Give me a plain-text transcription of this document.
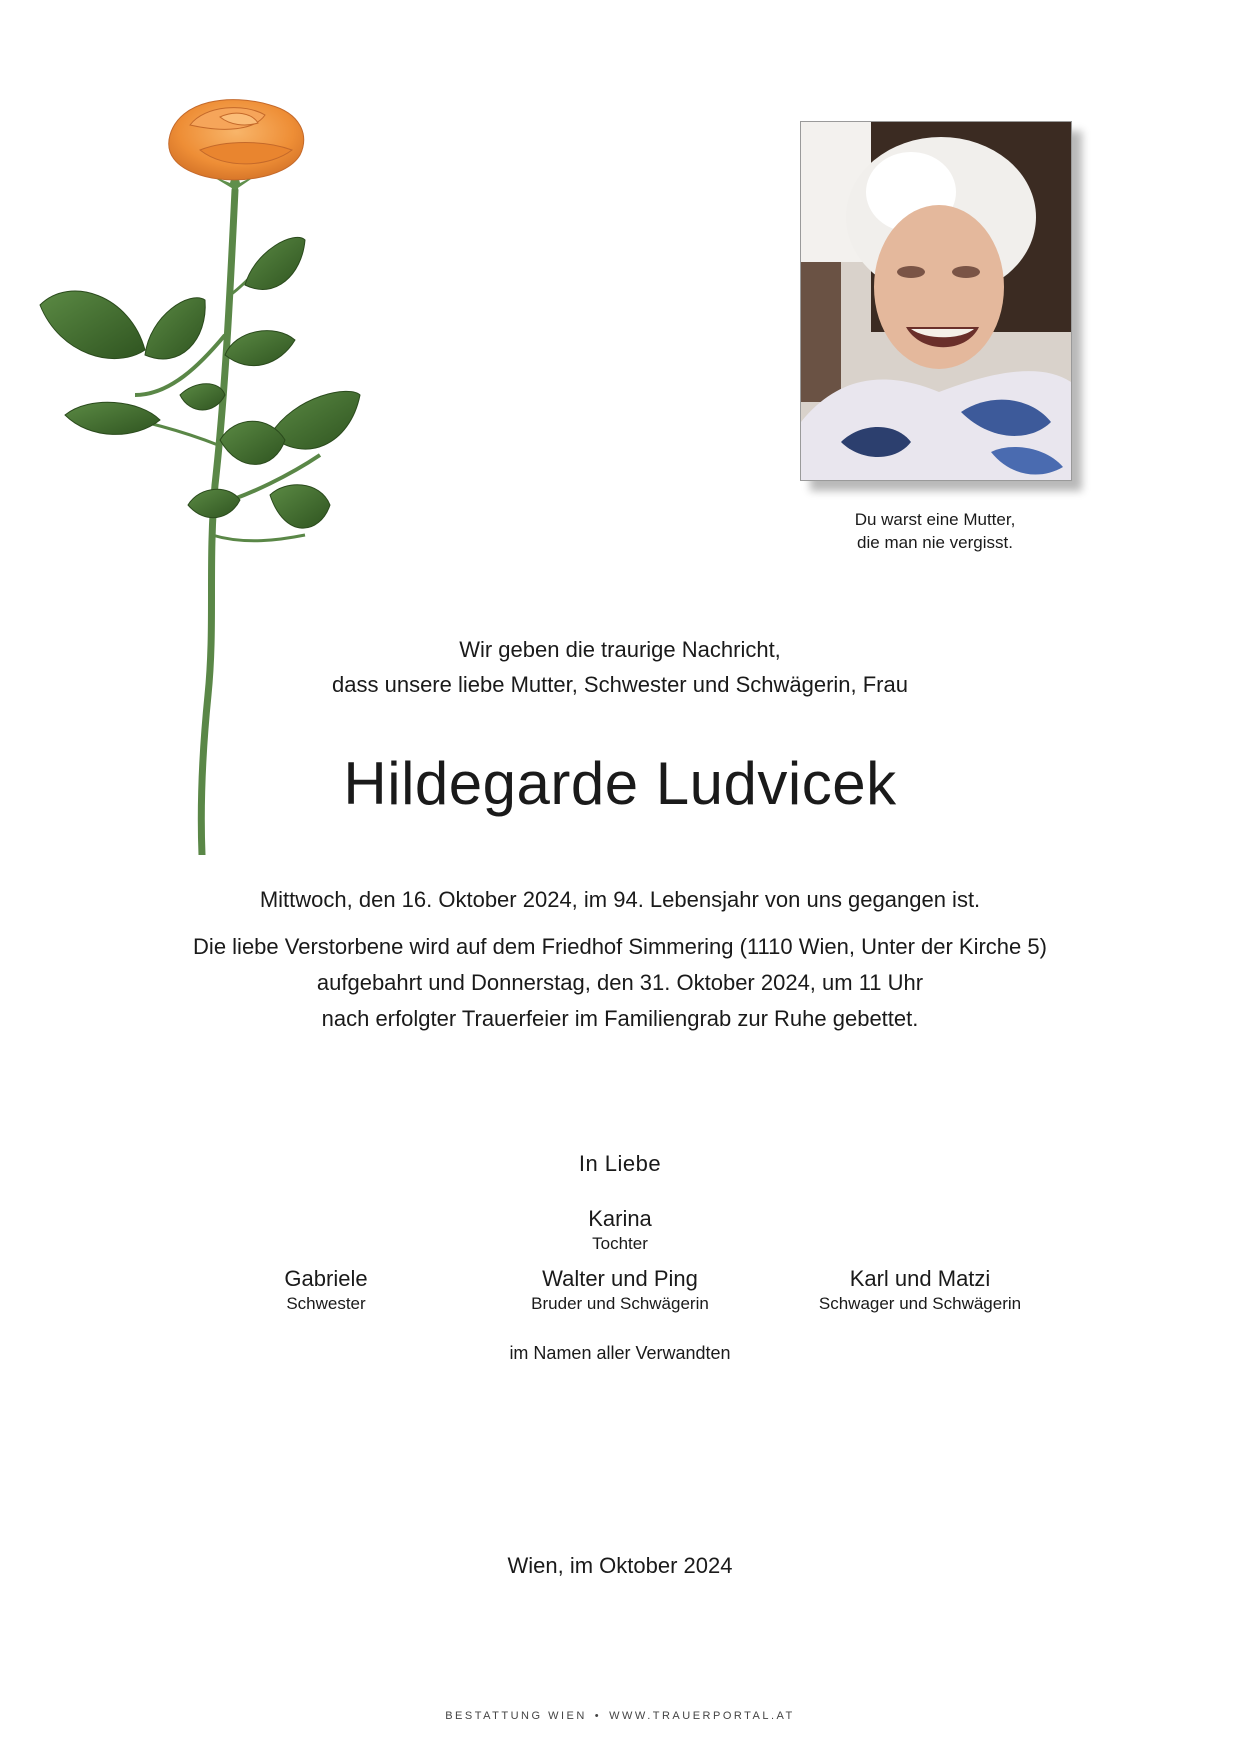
Du warst eine Mutter,
die man nie vergisst.
Wir geben die traurige Nachricht,
dass unsere liebe Mutter, Schwester und Schwägerin, Frau
Hildegarde Ludvicek
Mittwoch, den 16. Oktober 2024, im 94. Lebensjahr von uns gegangen ist.
Die liebe Verstorbene wird auf dem Friedhof Simmering (1110 Wien, Unter der Kirche 5)
aufgebahrt und Donnerstag, den 31. Oktober 2024, um 11 Uhr
nach erfolgter Trauerfeier im Familiengrab zur Ruhe gebettet.
In Liebe
Karina
Tochter
Gabriele
Schwester
Walter und Ping
Bruder und Schwägerin
Karl und Matzi
Schwager und Schwägerin
im Namen aller Verwandten
Wien, im Oktober 2024
BESTATTUNG WIEN • WWW.TRAUERPORTAL.AT
